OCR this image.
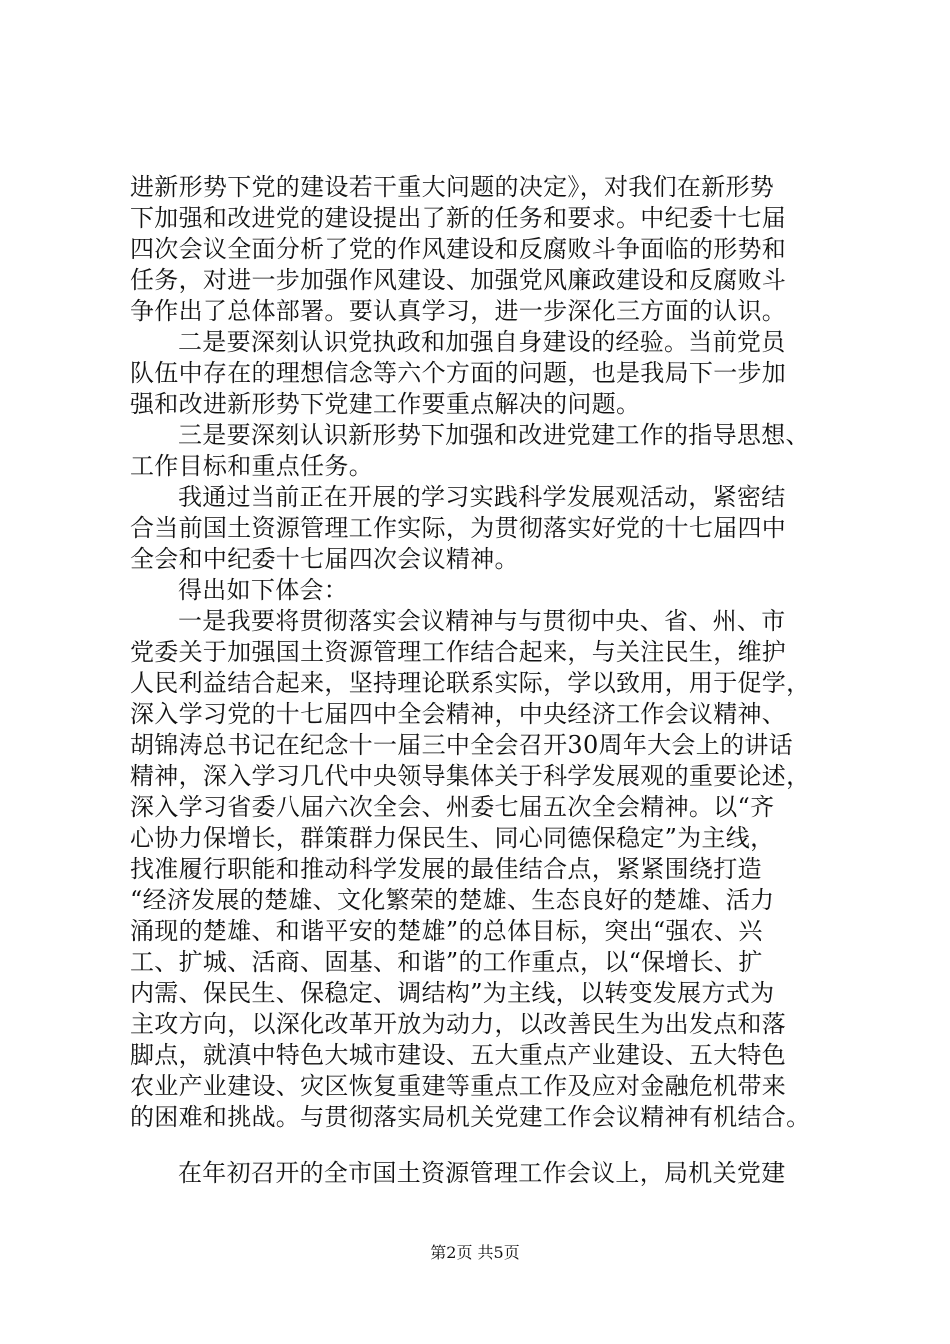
进新形势下党的建设若干重大问题的决定》，对我们在新形势
下加强和改进党的建设提出了新的任务和要求。中纪委十七届
四次会议全面分析了党的作风建设和反腐败斗争面临的形势和
任务，对进一步加强作风建设、加强党风廉政建设和反腐败斗
争作出了总体部署。要认真学习，进一步深化三方面的认识。
二是要深刻认识党执政和加强自身建设的经验。当前党员
队伍中存在的理想信念等六个方面的问题，也是我局下一步加
强和改进新形势下党建工作要重点解决的问题。
三是要深刻认识新形势下加强和改进党建工作的指导思想、
工作目标和重点任务。
我通过当前正在开展的学习实践科学发展观活动，紧密结
合当前国土资源管理工作实际，为贯彻落实好党的十七届四中
全会和中纪委十七届四次会议精神。
得出如下体会：
一是我要将贯彻落实会议精神与与贯彻中央、省、州、市
党委关于加强国土资源管理工作结合起来，与关注民生，维护
人民利益结合起来，坚持理论联系实际，学以致用，用于促学，
深入学习党的十七届四中全会精神，中央经济工作会议精神、
胡锦涛总书记在纪念十一届三中全会召开30周年大会上的讲话
精神，深入学习几代中央领导集体关于科学发展观的重要论述，
深入学习省委八届六次全会、州委七届五次全会精神。以“齐
心协力保增长，群策群力保民生、同心同德保稳定”为主线，
找准履行职能和推动科学发展的最佳结合点，紧紧围绕打造
“经济发展的楚雄、文化繁荣的楚雄、生态良好的楚雄、活力
涌现的楚雄、和谐平安的楚雄”的总体目标，突出“强农、兴
工、扩城、活商、固基、和谐”的工作重点，以“保增长、扩
内需、保民生、保稳定、调结构”为主线，以转变发展方式为
主攻方向，以深化改革开放为动力，以改善民生为出发点和落
脚点，就滇中特色大城市建设、五大重点产业建设、五大特色
农业产业建设、灾区恢复重建等重点工作及应对金融危机带来
的困难和挑战。与贯彻落实局机关党建工作会议精神有机结合。
在年初召开的全市国土资源管理工作会议上，局机关党建
第2页 共5页
